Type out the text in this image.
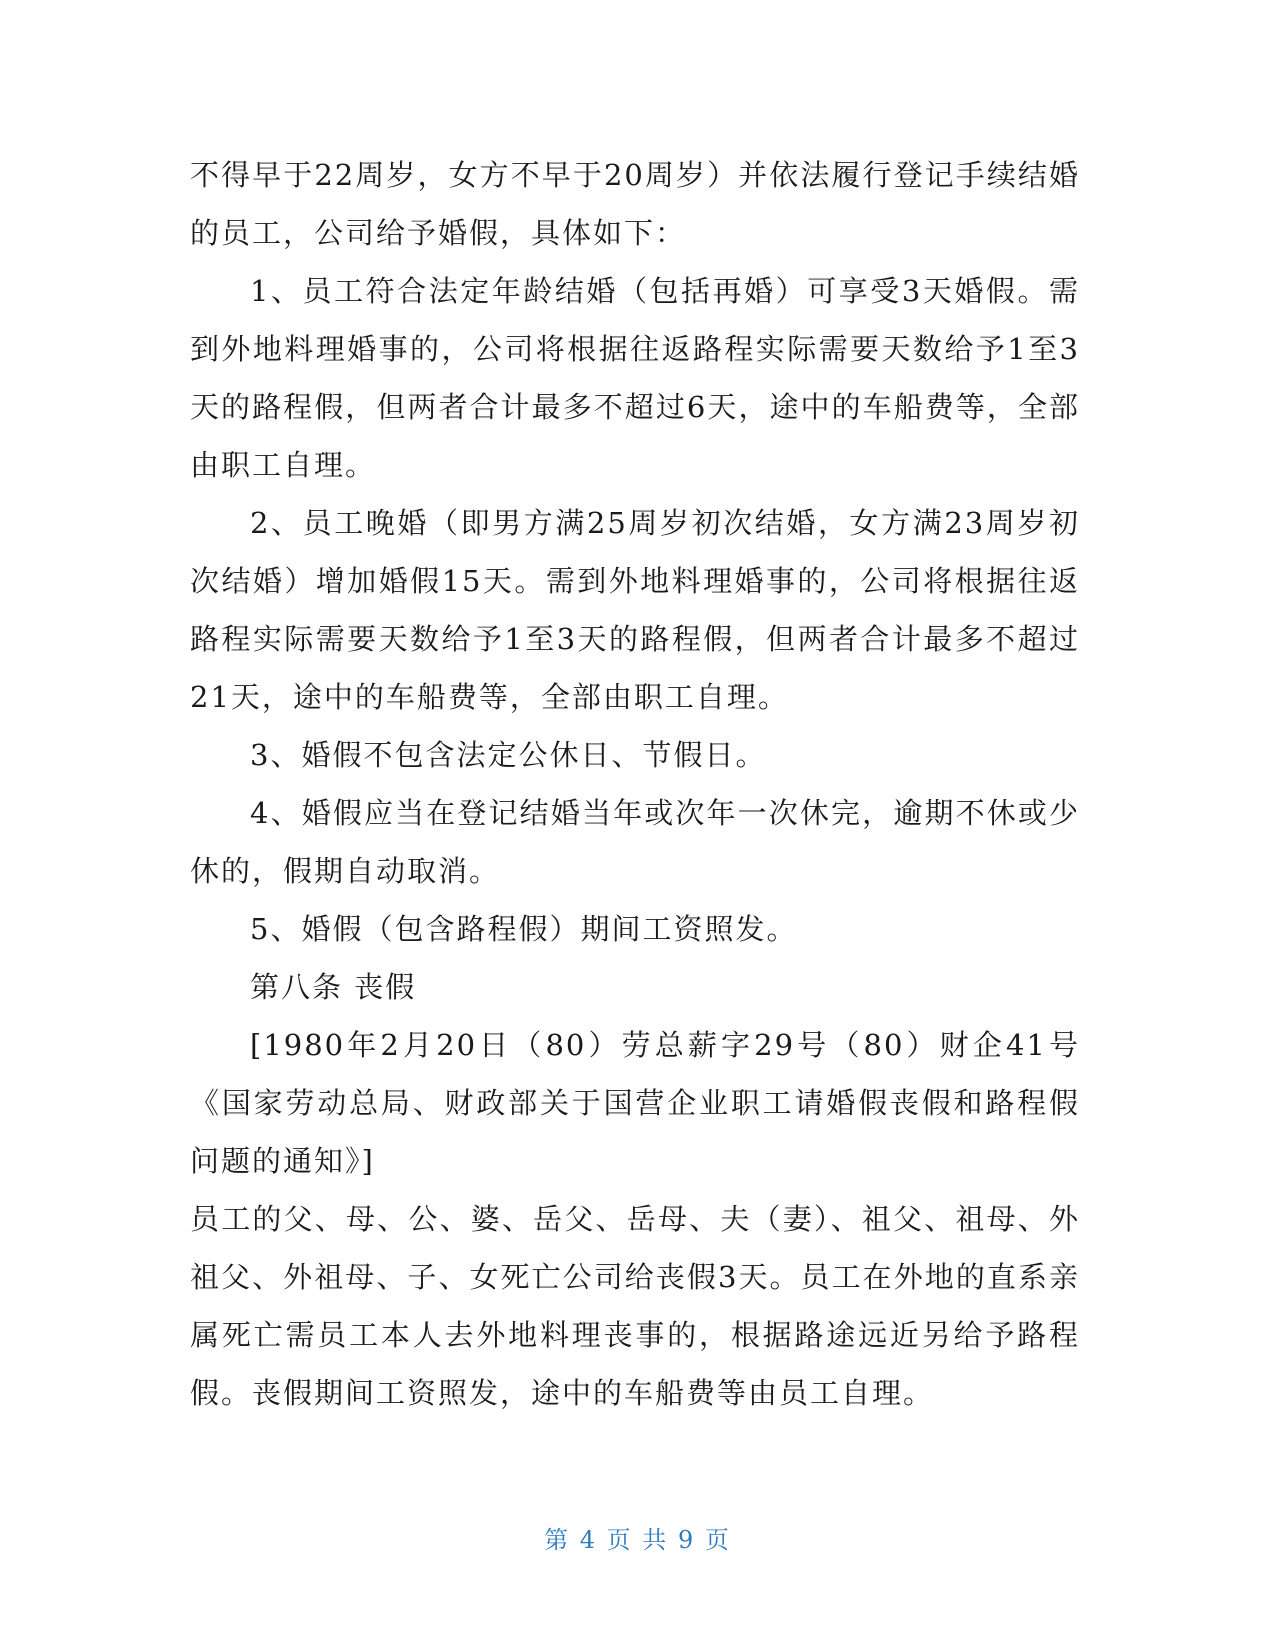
不得早于22周岁，女方不早于20周岁）并依法履行登记手续结婚的员工，公司给予婚假，具体如下：

1、员工符合法定年龄结婚（包括再婚）可享受3天婚假。需到外地料理婚事的，公司将根据往返路程实际需要天数给予1至3天的路程假，但两者合计最多不超过6天，途中的车船费等，全部由职工自理。

2、员工晚婚（即男方满25周岁初次结婚，女方满23周岁初次结婚）增加婚假15天。需到外地料理婚事的，公司将根据往返路程实际需要天数给予1至3天的路程假，但两者合计最多不超过21天，途中的车船费等，全部由职工自理。

3、婚假不包含法定公休日、节假日。

4、婚假应当在登记结婚当年或次年一次休完，逾期不休或少休的，假期自动取消。

5、婚假（包含路程假）期间工资照发。

第八条 丧假

[1980年2月20日（80）劳总薪字29号（80）财企41号《国家劳动总局、财政部关于国营企业职工请婚假丧假和路程假问题的通知》]

员工的父、母、公、婆、岳父、岳母、夫（妻）、祖父、祖母、外祖父、外祖母、子、女死亡公司给丧假3天。员工在外地的直系亲属死亡需员工本人去外地料理丧事的，根据路途远近另给予路程假。丧假期间工资照发，途中的车船费等由员工自理。

第 4 页 共 9 页
